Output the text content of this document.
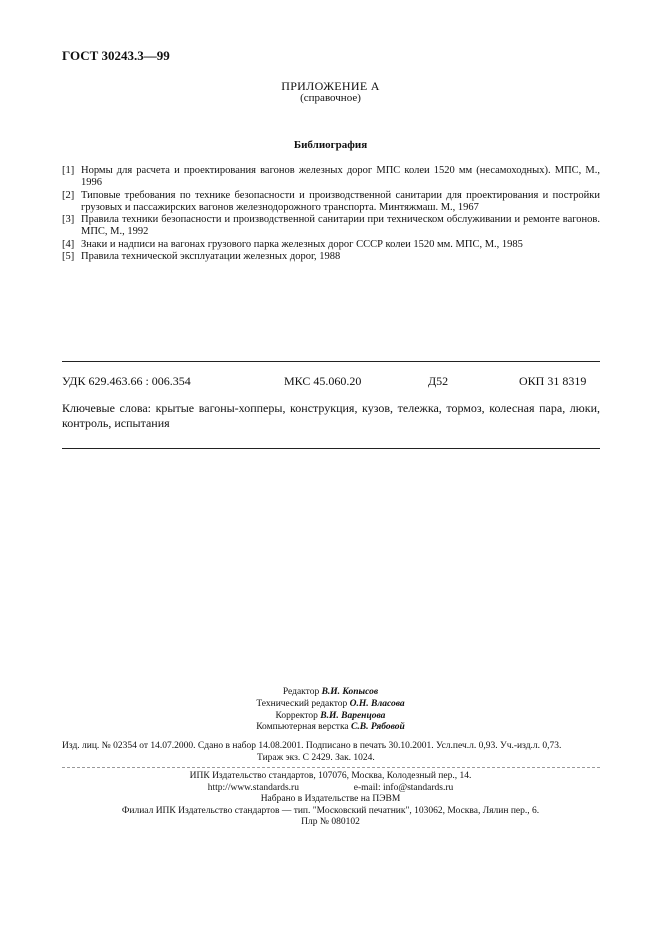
ГОСТ 30243.3—99
ПРИЛОЖЕНИЕ А
(справочное)
Библиография
[1] Нормы для расчета и проектирования вагонов железных дорог МПС колеи 1520 мм (несамоходных). МПС, М., 1996
[2] Типовые требования по технике безопасности и производственной санитарии для проектирования и постройки грузовых и пассажирских вагонов железнодорожного транспорта. Минтяжмаш. М., 1967
[3] Правила техники безопасности и производственной санитарии при техническом обслуживании и ремонте вагонов. МПС, М., 1992
[4] Знаки и надписи на вагонах грузового парка железных дорог СССР колеи 1520 мм. МПС, М., 1985
[5] Правила технической эксплуатации железных дорог, 1988
УДК 629.463.66 : 006.354	МКС 45.060.20	Д52	ОКП 31 8319
Ключевые слова: крытые вагоны-хопперы, конструкция, кузов, тележка, тормоз, колесная пара, люки, контроль, испытания
Редактор В.И. Копысов
Технический редактор О.Н. Власова
Корректор В.И. Варенцова
Компьютерная верстка С.В. Рябовой
Изд. лиц. № 02354 от 14.07.2000. Сдано в набор 14.08.2001. Подписано в печать 30.10.2001. Усл.печ.л. 0,93. Уч.-изд.л. 0,73.
Тираж экз. С 2429. Зак. 1024.
ИПК Издательство стандартов, 107076, Москва, Колодезный пер., 14.
http://www.standards.ru	e-mail: info@standards.ru
Набрано в Издательстве на ПЭВМ
Филиал ИПК Издательство стандартов — тип. "Московский печатник", 103062, Москва, Лялин пер., 6.
Плр № 080102
